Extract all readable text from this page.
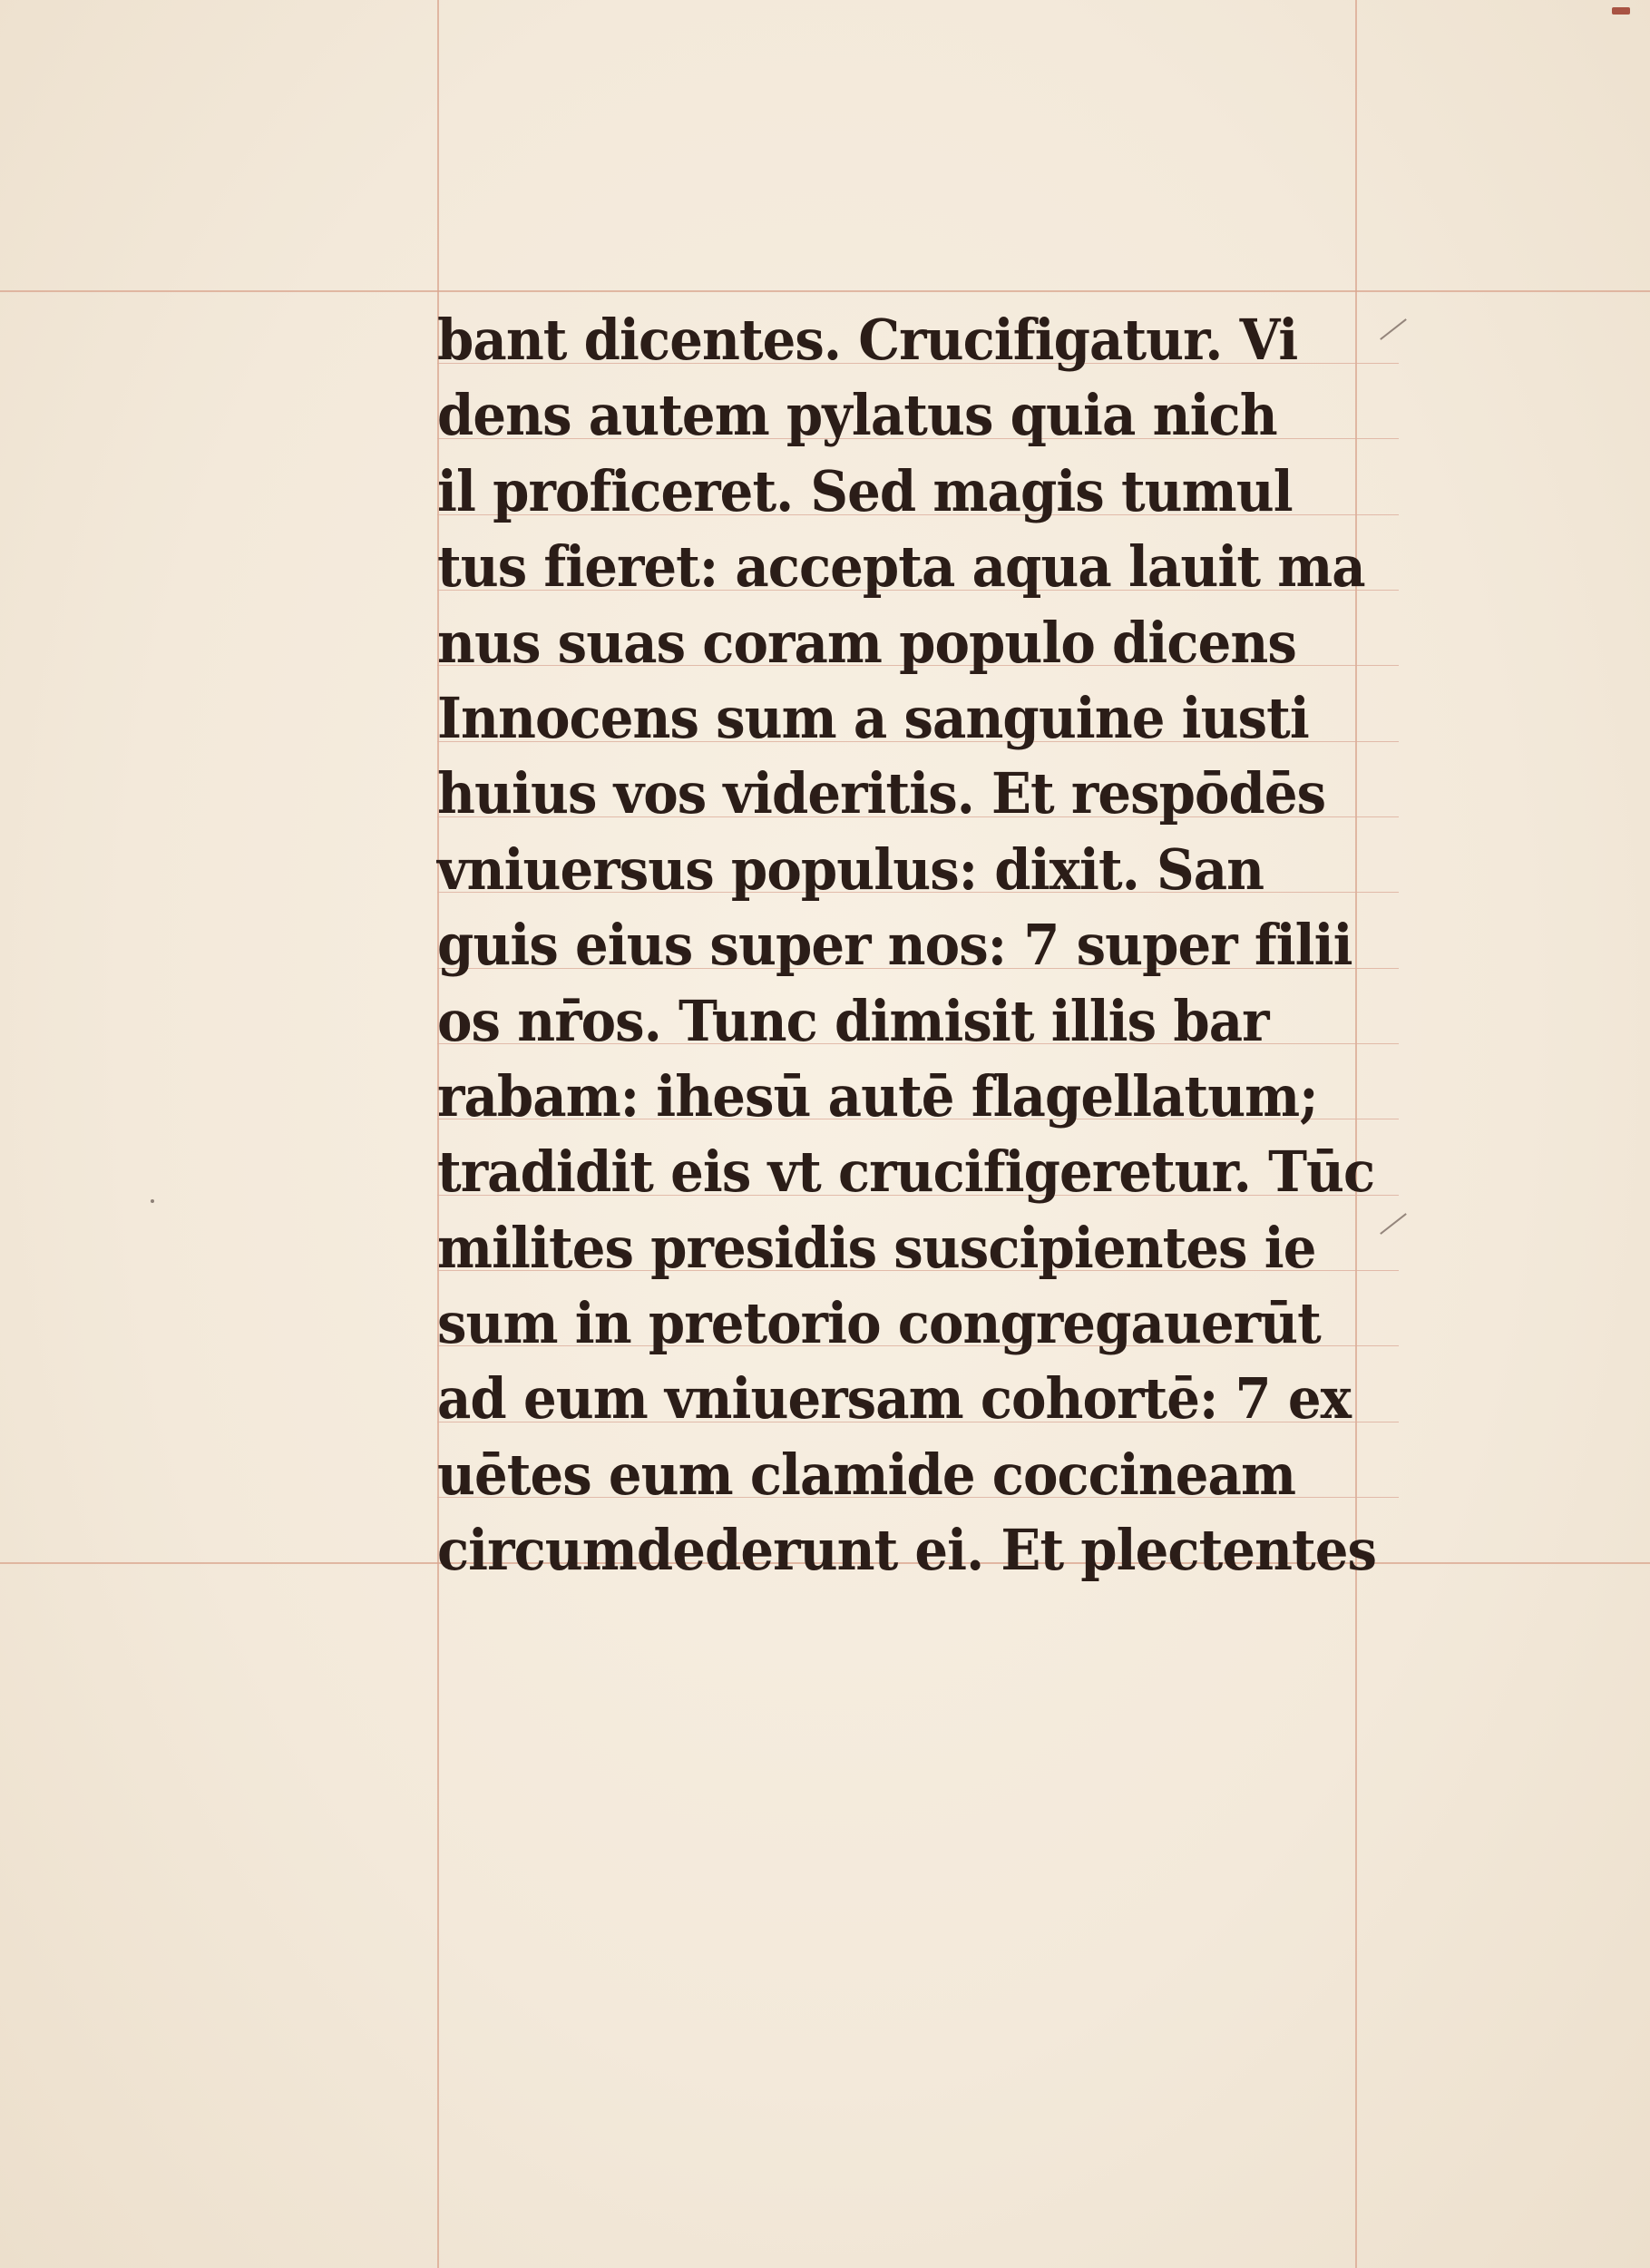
bant dicentes. Crucifigatur. Vi
dens autem pylatus quia nich
il proficeret. Sed magis tumul
tus fieret: accepta aqua lauit ma
nus suas coram populo dicens
Innocens sum a sanguine iusti
huius vos videritis. Et respōdēs
vniuersus populus: dixit. San
guis eius super nos: 7 super filii
os nr̄os. Tunc dimisit illis bar
rabam: ihesū autē flagellatum;
tradidit eis vt crucifigeretur. Tūc
milites presidis suscipientes ie
sum in pretorio congregauerūt
ad eum vniuersam cohortē: 7 ex
uētes eum clamide coccineam
circumdederunt ei. Et plectentes
